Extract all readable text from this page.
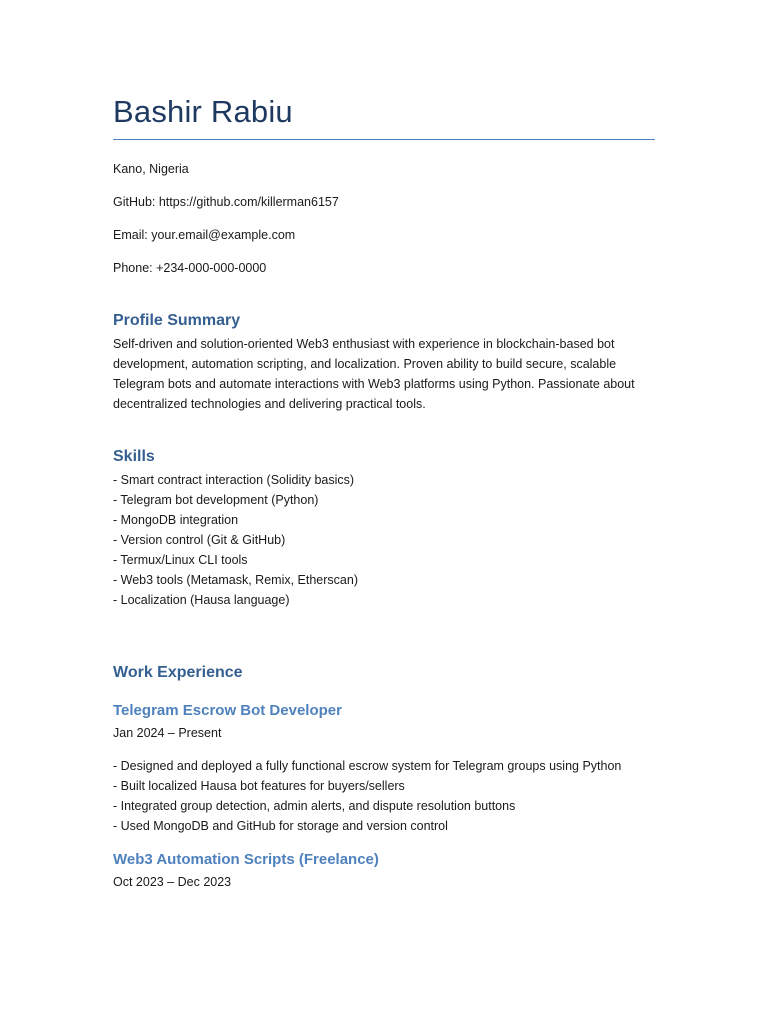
Bashir Rabiu
Kano, Nigeria
GitHub: https://github.com/killerman6157
Email: your.email@example.com
Phone: +234-000-000-0000
Profile Summary

Self-driven and solution-oriented Web3 enthusiast with experience in blockchain-based bot

development, automation scripting, and localization. Proven ability to build secure, scalable

Telegram bots and automate interactions with Web3 platforms using Python. Passionate about

decentralized technologies and delivering practical tools.

Skills
- Smart contract interaction (Solidity basics)
- Telegram bot development (Python)
- MongoDB integration
- Version control (Git & GitHub)
- Termux/Linux CLI tools
- Web3 tools (Metamask, Remix, Etherscan)
- Localization (Hausa language)
Work Experience
Telegram Escrow Bot Developer
Jan 2024 – Present
- Designed and deployed a fully functional escrow system for Telegram groups using Python
- Built localized Hausa bot features for buyers/sellers
- Integrated group detection, admin alerts, and dispute resolution buttons
- Used MongoDB and GitHub for storage and version control
Web3 Automation Scripts (Freelance)
Oct 2023 – Dec 2023
